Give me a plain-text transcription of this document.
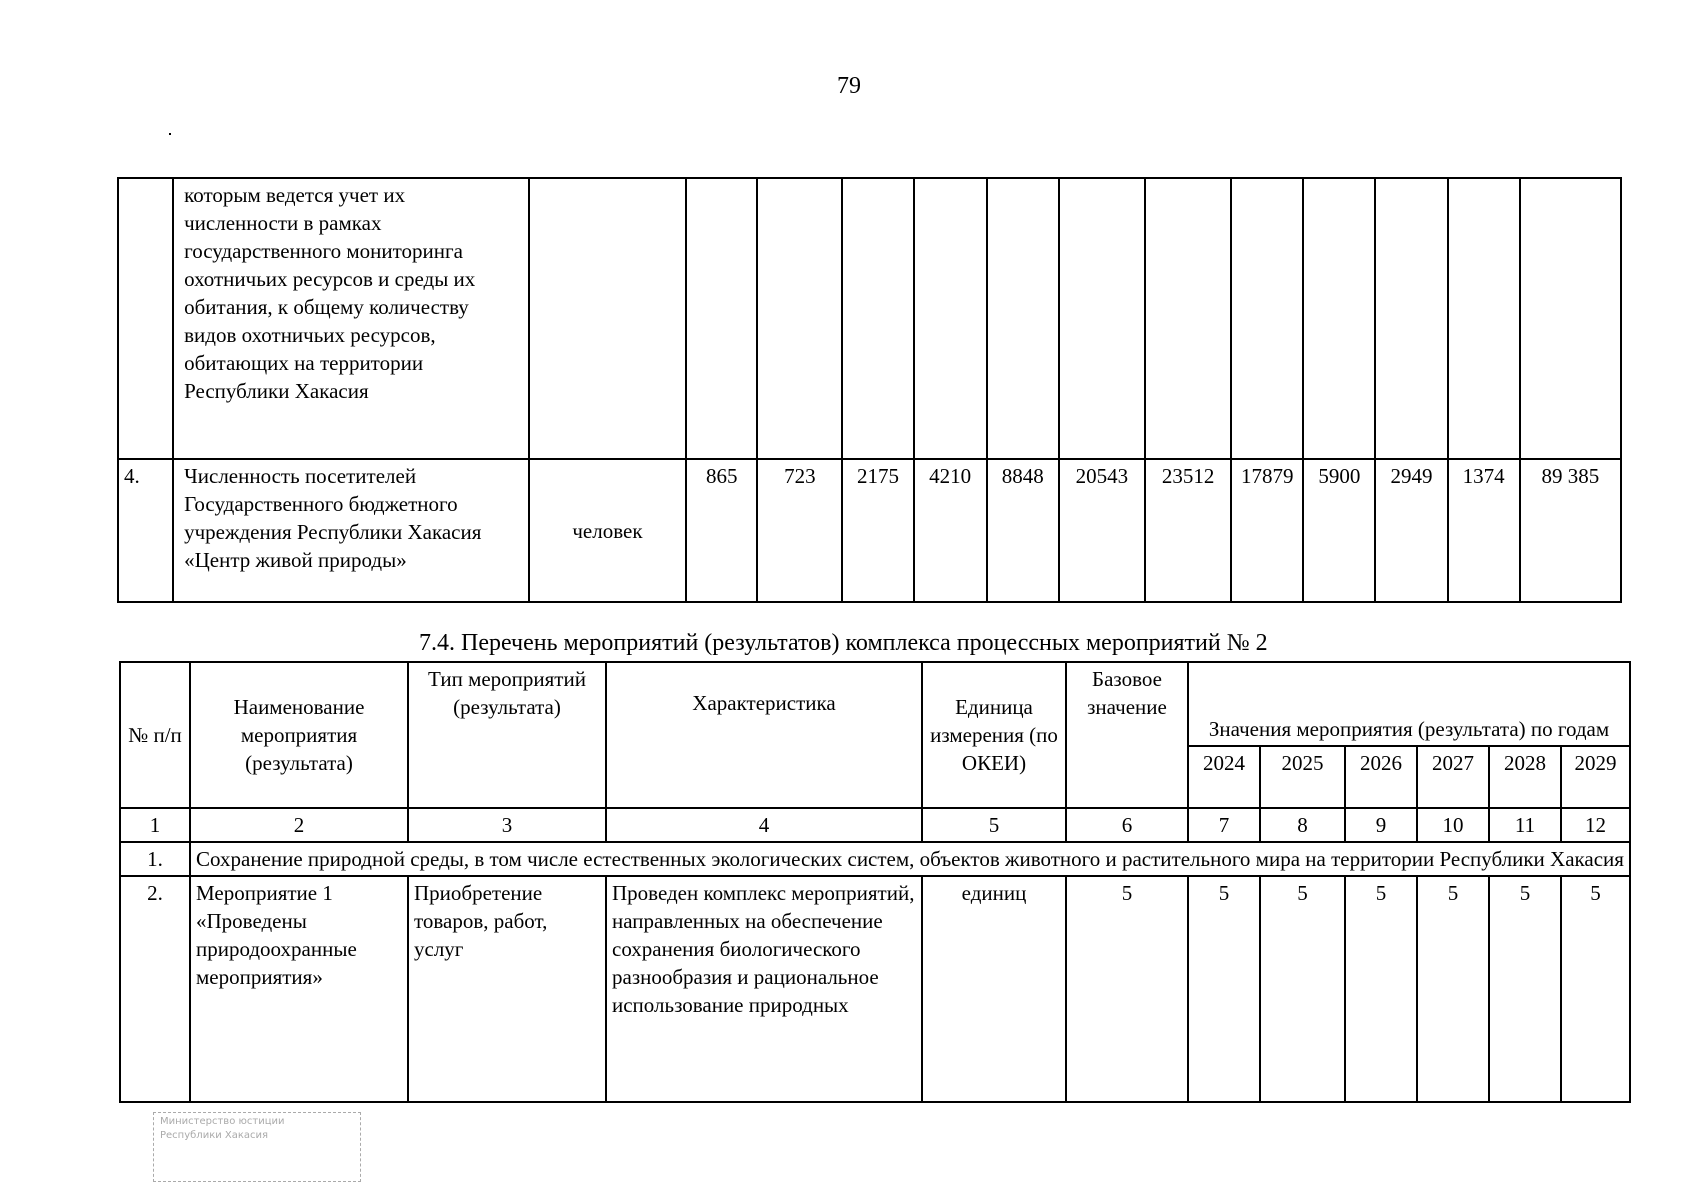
79
	которым ведется учет их численности в рамках государственного мониторинга охотничьих ресурсов и среды их обитания, к общему количеству видов охотничьих ресурсов, обитающих на территории Республики Хакасия													
4.	Численность посетителей Государственного бюджетного учреждения Республики Хакасия «Центр живой природы»	человек	865	723	2175	4210	8848	20543	23512	17879	5900	2949	1374	89 385
7.4. Перечень мероприятий (результатов) комплекса процессных мероприятий № 2
№ п/п	Наименование мероприятия (результата)	Тип мероприятий (результата)	Характеристика	Единица измерения (по ОКЕИ)	Базовое значение	Значения мероприятия (результата) по годам					
						2024	2025	2026	2027	2028	2029
1	2	3	4	5	6	7	8	9	10	11	12
1.	Сохранение природной среды, в том числе естественных экологических систем, объектов животного и растительного мира на территории Республики Хакасия										
2.	Мероприятие 1 «Проведены природоохранные мероприятия»	Приобретение товаров, работ, услуг	Проведен комплекс мероприятий, направленных на обеспечение сохранения биологического разнообразия и рациональное использование природных	единиц	5	5	5	5	5	5	5
Министерство юстиции
Республики Хакасия
